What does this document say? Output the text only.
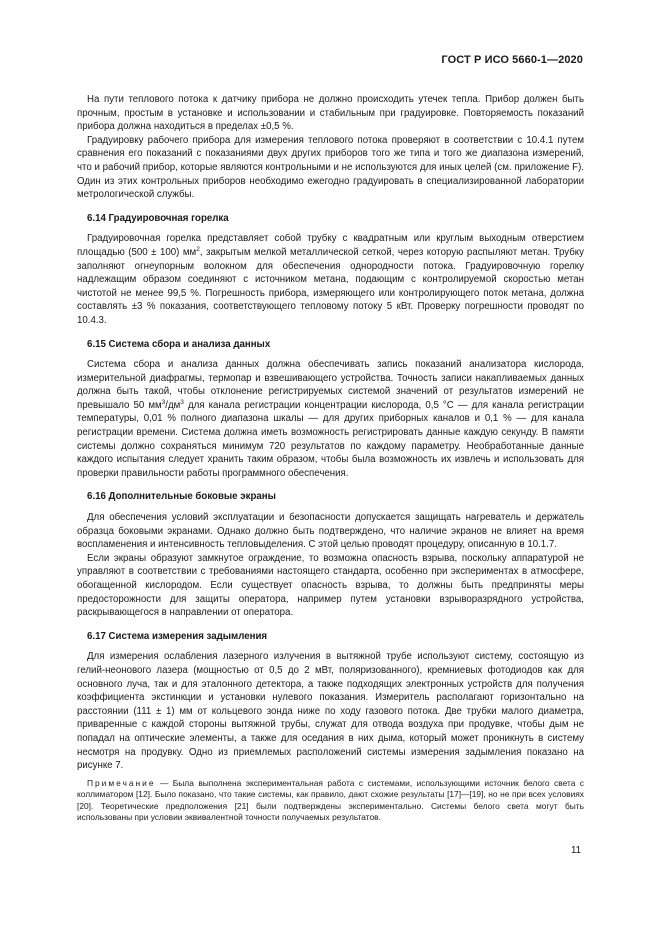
ГОСТ Р ИСО 5660-1—2020

На пути теплового потока к датчику прибора не должно происходить утечек тепла. Прибор должен быть прочным, простым в установке и использовании и стабильным при градуировке. Повторяемость показаний прибора должна находиться в пределах ±0,5 %.

Градуировку рабочего прибора для измерения теплового потока проверяют в соответствии с 10.4.1 путем сравнения его показаний с показаниями двух других приборов того же типа и того же диапазона измерений, что и рабочий прибор, которые являются контрольными и не используются для иных целей (см. приложение F). Один из этих контрольных приборов необходимо ежегодно градуировать в специализированной лаборатории метрологической службы.

6.14 Градуировочная горелка

Градуировочная горелка представляет собой трубку с квадратным или круглым выходным отверстием площадью (500 ± 100) $мм^2$, закрытым мелкой металлической сеткой, через которую распыляют метан. Трубку заполняют огнеупорным волокном для обеспечения однородности потока. Градуировочную горелку надлежащим образом соединяют с источником метана, подающим с контролируемой скоростью метан чистотой не менее 99,5 %. Погрешность прибора, измеряющего или контролирующего поток метана, должна составлять ±3 % показания, соответствующего тепловому потоку 5 кВт. Проверку погрешности проводят по 10.4.3.

6.15 Система сбора и анализа данных

Система сбора и анализа данных должна обеспечивать запись показаний анализатора кислорода, измерительной диафрагмы, термопар и взвешивающего устройства. Точность записи накапливаемых данных должна быть такой, чтобы отклонение регистрируемых системой значений от результатов измерений не превышало 50 $мм^3/дм^3$ для канала регистрации концентрации кислорода, 0,5 °С — для канала регистрации температуры, 0,01 % полного диапазона шкалы — для других приборных каналов и 0,1 % — для канала регистрации времени. Система должна иметь возможность регистрировать данные каждую секунду. В памяти системы должно сохраняться минимум 720 результатов по каждому параметру. Необработанные данные каждого испытания следует хранить таким образом, чтобы была возможность их извлечь и использовать для проверки правильности работы программного обеспечения.

6.16 Дополнительные боковые экраны

Для обеспечения условий эксплуатации и безопасности допускается защищать нагреватель и держатель образца боковыми экранами. Однако должно быть подтверждено, что наличие экранов не влияет на время воспламенения и интенсивность тепловыделения. С этой целью проводят процедуру, описанную в 10.1.7.

Если экраны образуют замкнутое ограждение, то возможна опасность взрыва, поскольку аппаратурой не управляют в соответствии с требованиями настоящего стандарта, особенно при экспериментах в атмосфере, обогащенной кислородом. Если существует опасность взрыва, то должны быть предприняты меры предосторожности для защиты оператора, например путем установки взрыворазрядного устройства, раскрывающегося в направлении от оператора.

6.17 Система измерения задымления

Для измерения ослабления лазерного излучения в вытяжной трубе используют систему, состоящую из гелий-неонового лазера (мощностью от 0,5 до 2 мВт, поляризованного), кремниевых фотодиодов как для основного луча, так и для эталонного детектора, а также подходящих электронных устройств для получения коэффициента экстинкции и установки нулевого показания. Измеритель располагают горизонтально на расстоянии (111 ± 1) мм от кольцевого зонда ниже по ходу газового потока. Две трубки малого диаметра, приваренные с каждой стороны вытяжной трубы, служат для отвода воздуха при продувке, чтобы дым не попадал на оптические элементы, а также для оседания в них дыма, который может проникнуть в систему несмотря на продувку. Одно из приемлемых расположений системы измерения задымления показано на рисунке 7.

Примечание — Была выполнена экспериментальная работа с системами, использующими источник белого света с коллиматором [12]. Было показано, что такие системы, как правило, дают схожие результаты [17]—[19], но не при всех условиях [20]. Теоретические предположения [21] были подтверждены экспериментально. Системы белого света могут быть использованы при условии эквивалентной точности получаемых результатов.

11
